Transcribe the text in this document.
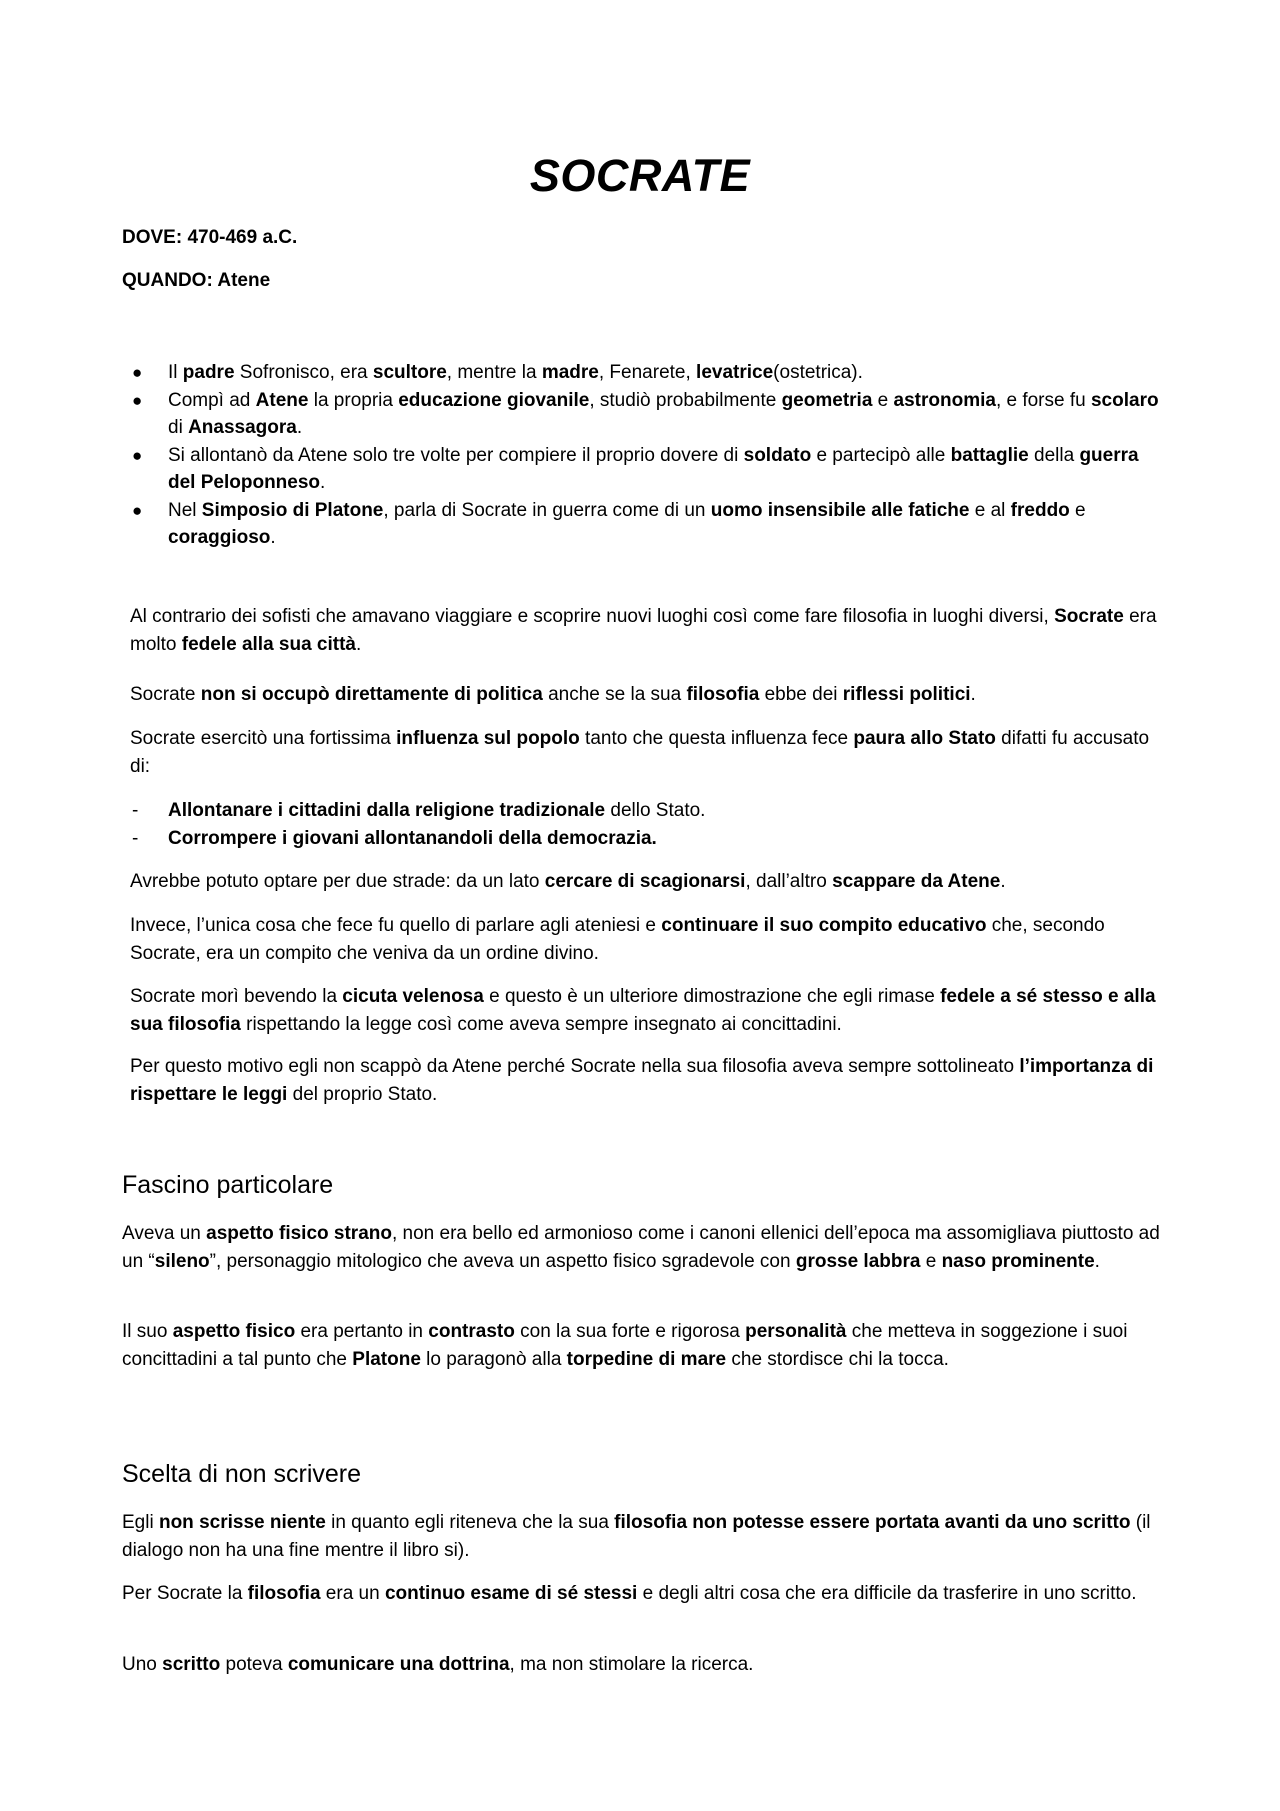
SOCRATE

DOVE: 470-469 a.C.

QUANDO: Atene

● Il padre Sofronisco, era scultore, mentre la madre, Fenarete, levatrice(ostetrica).
● Compì ad Atene la propria educazione giovanile, studiò probabilmente geometria e astronomia, e forse fu scolaro di Anassagora.
● Si allontanò da Atene solo tre volte per compiere il proprio dovere di soldato e partecipò alle battaglie della guerra del Peloponneso.
● Nel Simposio di Platone, parla di Socrate in guerra come di un uomo insensibile alle fatiche e al freddo e coraggioso.

Al contrario dei sofisti che amavano viaggiare e scoprire nuovi luoghi così come fare filosofia in luoghi diversi, Socrate era molto fedele alla sua città.

Socrate non si occupò direttamente di politica anche se la sua filosofia ebbe dei riflessi politici.

Socrate esercitò una fortissima influenza sul popolo tanto che questa influenza fece paura allo Stato difatti fu accusato di:

- Allontanare i cittadini dalla religione tradizionale dello Stato.
- Corrompere i giovani allontanandoli della democrazia.

Avrebbe potuto optare per due strade: da un lato cercare di scagionarsi, dall’altro scappare da Atene.

Invece, l’unica cosa che fece fu quello di parlare agli ateniesi e continuare il suo compito educativo che, secondo Socrate, era un compito che veniva da un ordine divino.

Socrate morì bevendo la cicuta velenosa e questo è un ulteriore dimostrazione che egli rimase fedele a sé stesso e alla sua filosofia rispettando la legge così come aveva sempre insegnato ai concittadini.

Per questo motivo egli non scappò da Atene perché Socrate nella sua filosofia aveva sempre sottolineato l’importanza di rispettare le leggi del proprio Stato.

Fascino particolare

Aveva un aspetto fisico strano, non era bello ed armonioso come i canoni ellenici dell’epoca ma assomigliava piuttosto ad un “sileno”, personaggio mitologico che aveva un aspetto fisico sgradevole con grosse labbra e naso prominente.

Il suo aspetto fisico era pertanto in contrasto con la sua forte e rigorosa personalità che metteva in soggezione i suoi concittadini a tal punto che Platone lo paragonò alla torpedine di mare che stordisce chi la tocca.

Scelta di non scrivere

Egli non scrisse niente in quanto egli riteneva che la sua filosofia non potesse essere portata avanti da uno scritto (il dialogo non ha una fine mentre il libro si).

Per Socrate la filosofia era un continuo esame di sé stessi e degli altri cosa che era difficile da trasferire in uno scritto.

Uno scritto poteva comunicare una dottrina, ma non stimolare la ricerca.
